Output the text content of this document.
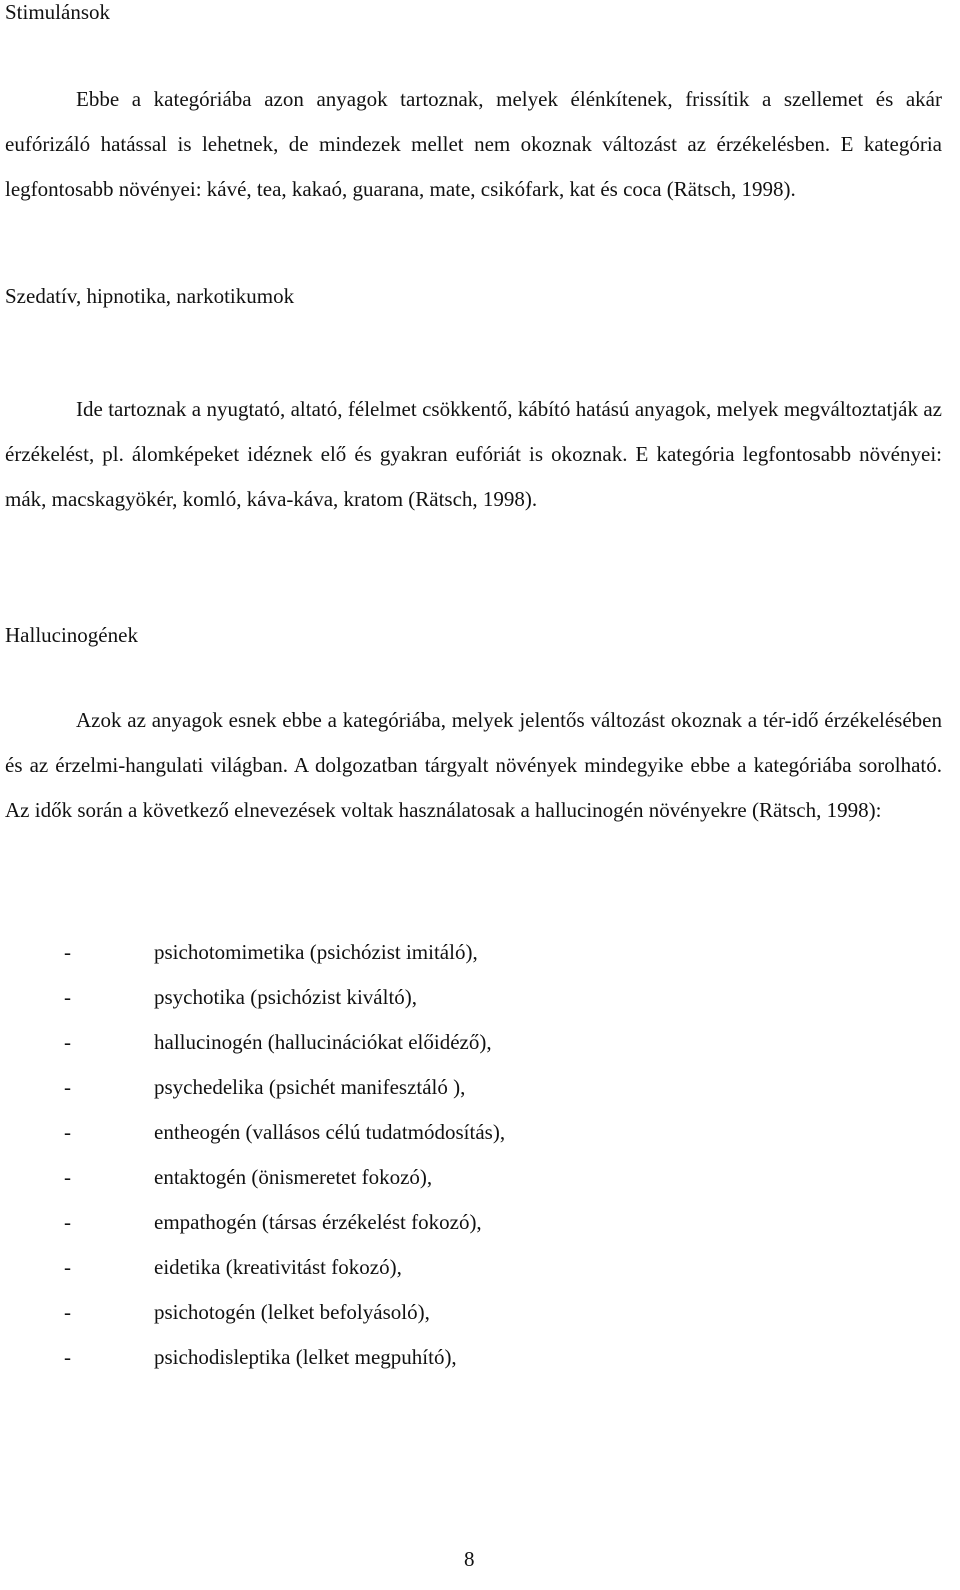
Stimulánsok

Ebbe a kategóriába azon anyagok tartoznak, melyek élénkítenek, frissítik a szellemet és akár eufórizáló hatással is lehetnek, de mindezek mellet nem okoznak változást az érzékelésben. E kategória legfontosabb növényei: kávé, tea, kakaó, guarana, mate, csikófark, kat és coca (Rätsch, 1998).

Szedatív, hipnotika, narkotikumok

Ide tartoznak a nyugtató, altató, félelmet csökkentő, kábító hatású anyagok, melyek megváltoztatják az érzékelést, pl. álomképeket idéznek elő és gyakran eufóriát is okoznak. E kategória legfontosabb növényei: mák, macskagyökér, komló, káva-káva, kratom (Rätsch, 1998).

Hallucinogének

Azok az anyagok esnek ebbe a kategóriába, melyek jelentős változást okoznak a tér-idő érzékelésében és az érzelmi-hangulati világban. A dolgozatban tárgyalt növények mindegyike ebbe a kategóriába sorolható. Az idők során a következő elnevezések voltak használatosak a hallucinogén növényekre (Rätsch, 1998):

-	psichotomimetika (psichózist imitáló),
-	psychotika (psichózist kiváltó),
-	hallucinogén (hallucinációkat előidéző),
-	psychedelika (psichét manifesztáló ),
-	entheogén (vallásos célú tudatmódosítás),
-	entaktogén (önismeretet fokozó),
-	empathogén (társas érzékelést fokozó),
-	eidetika (kreativitást fokozó),
-	psichotogén (lelket befolyásoló),
-	psichodisleptika (lelket megpuhító),
8
